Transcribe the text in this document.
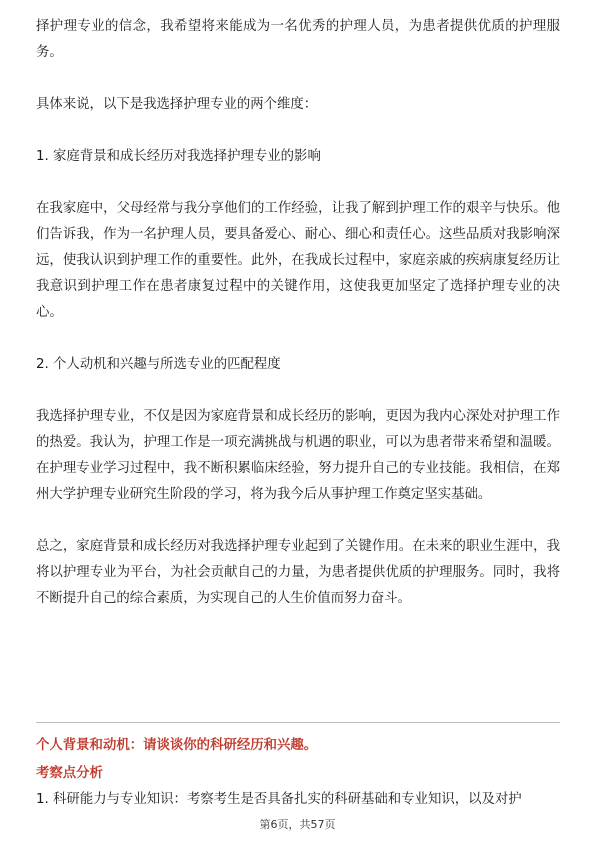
择护理专业的信念，我希望将来能成为一名优秀的护理人员，为患者提供优质的护理服务。

具体来说，以下是我选择护理专业的两个维度：

1. 家庭背景和成长经历对我选择护理专业的影响

在我家庭中，父母经常与我分享他们的工作经验，让我了解到护理工作的艰辛与快乐。他们告诉我，作为一名护理人员，要具备爱心、耐心、细心和责任心。这些品质对我影响深远，使我认识到护理工作的重要性。此外，在我成长过程中，家庭亲戚的疾病康复经历让我意识到护理工作在患者康复过程中的关键作用，这使我更加坚定了选择护理专业的决心。

2. 个人动机和兴趣与所选专业的匹配程度

我选择护理专业，不仅是因为家庭背景和成长经历的影响，更因为我内心深处对护理工作的热爱。我认为，护理工作是一项充满挑战与机遇的职业，可以为患者带来希望和温暖。在护理专业学习过程中，我不断积累临床经验，努力提升自己的专业技能。我相信，在郑州大学护理专业研究生阶段的学习，将为我今后从事护理工作奠定坚实基础。

总之，家庭背景和成长经历对我选择护理专业起到了关键作用。在未来的职业生涯中，我将以护理专业为平台，为社会贡献自己的力量，为患者提供优质的护理服务。同时，我将不断提升自己的综合素质，为实现自己的人生价值而努力奋斗。

个人背景和动机：请谈谈你的科研经历和兴趣。
考察点分析
1. 科研能力与专业知识：考察考生是否具备扎实的科研基础和专业知识，以及对护
第6页，共57页
